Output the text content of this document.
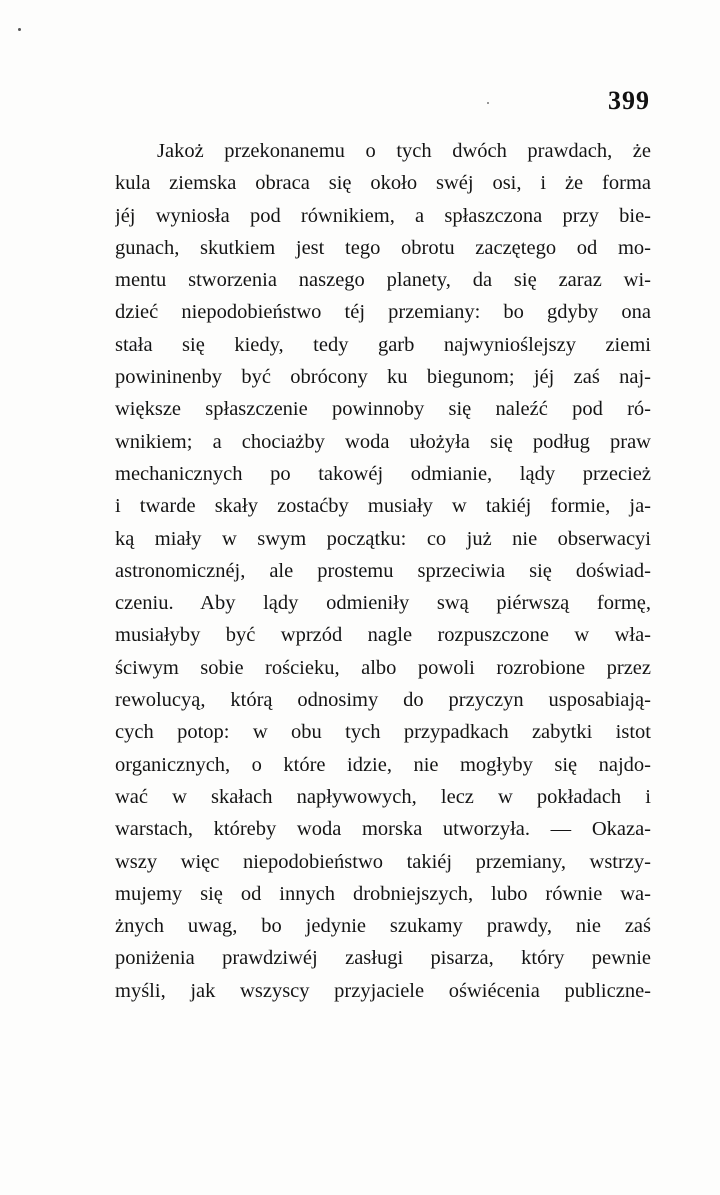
399
Jakoż przekonanemu o tych dwóch prawdach, że
kula ziemska obraca się około swéj osi, i że forma
jéj wyniosła pod równikiem, a spłaszczona przy bie-
gunach, skutkiem jest tego obrotu zaczętego od mo-
mentu stworzenia naszego planety, da się zaraz wi-
dzieć niepodobieństwo téj przemiany: bo gdyby ona
stała się kiedy, tedy garb najwynioślejszy ziemi
powininenby być obrócony ku biegunom; jéj zaś naj-
większe spłaszczenie powinnoby się naleźć pod ró-
wnikiem; a chociażby woda ułożyła się podług praw
mechanicznych po takowéj odmianie, lądy przecież
i twarde skały zostaćby musiały w takiéj formie, ja-
ką miały w swym początku: co już nie obserwacyi
astronomicznéj, ale prostemu sprzeciwia się doświad-
czeniu. Aby lądy odmieniły swą piérwszą formę,
musiałyby być wprzód nagle rozpuszczone w wła-
ściwym sobie rościeku, albo powoli rozrobione przez
rewolucyą, którą odnosimy do przyczyn usposabiają-
cych potop: w obu tych przypadkach zabytki istot
organicznych, o które idzie, nie mogłyby się najdo-
wać w skałach napływowych, lecz w pokładach i
warstach, któreby woda morska utworzyła. — Okaza-
wszy więc niepodobieństwo takiéj przemiany, wstrzy-
mujemy się od innych drobniejszych, lubo równie wa-
żnych uwag, bo jedynie szukamy prawdy, nie zaś
poniżenia prawdziwéj zasługi pisarza, który pewnie
myśli, jak wszyscy przyjaciele oświécenia publiczne-
